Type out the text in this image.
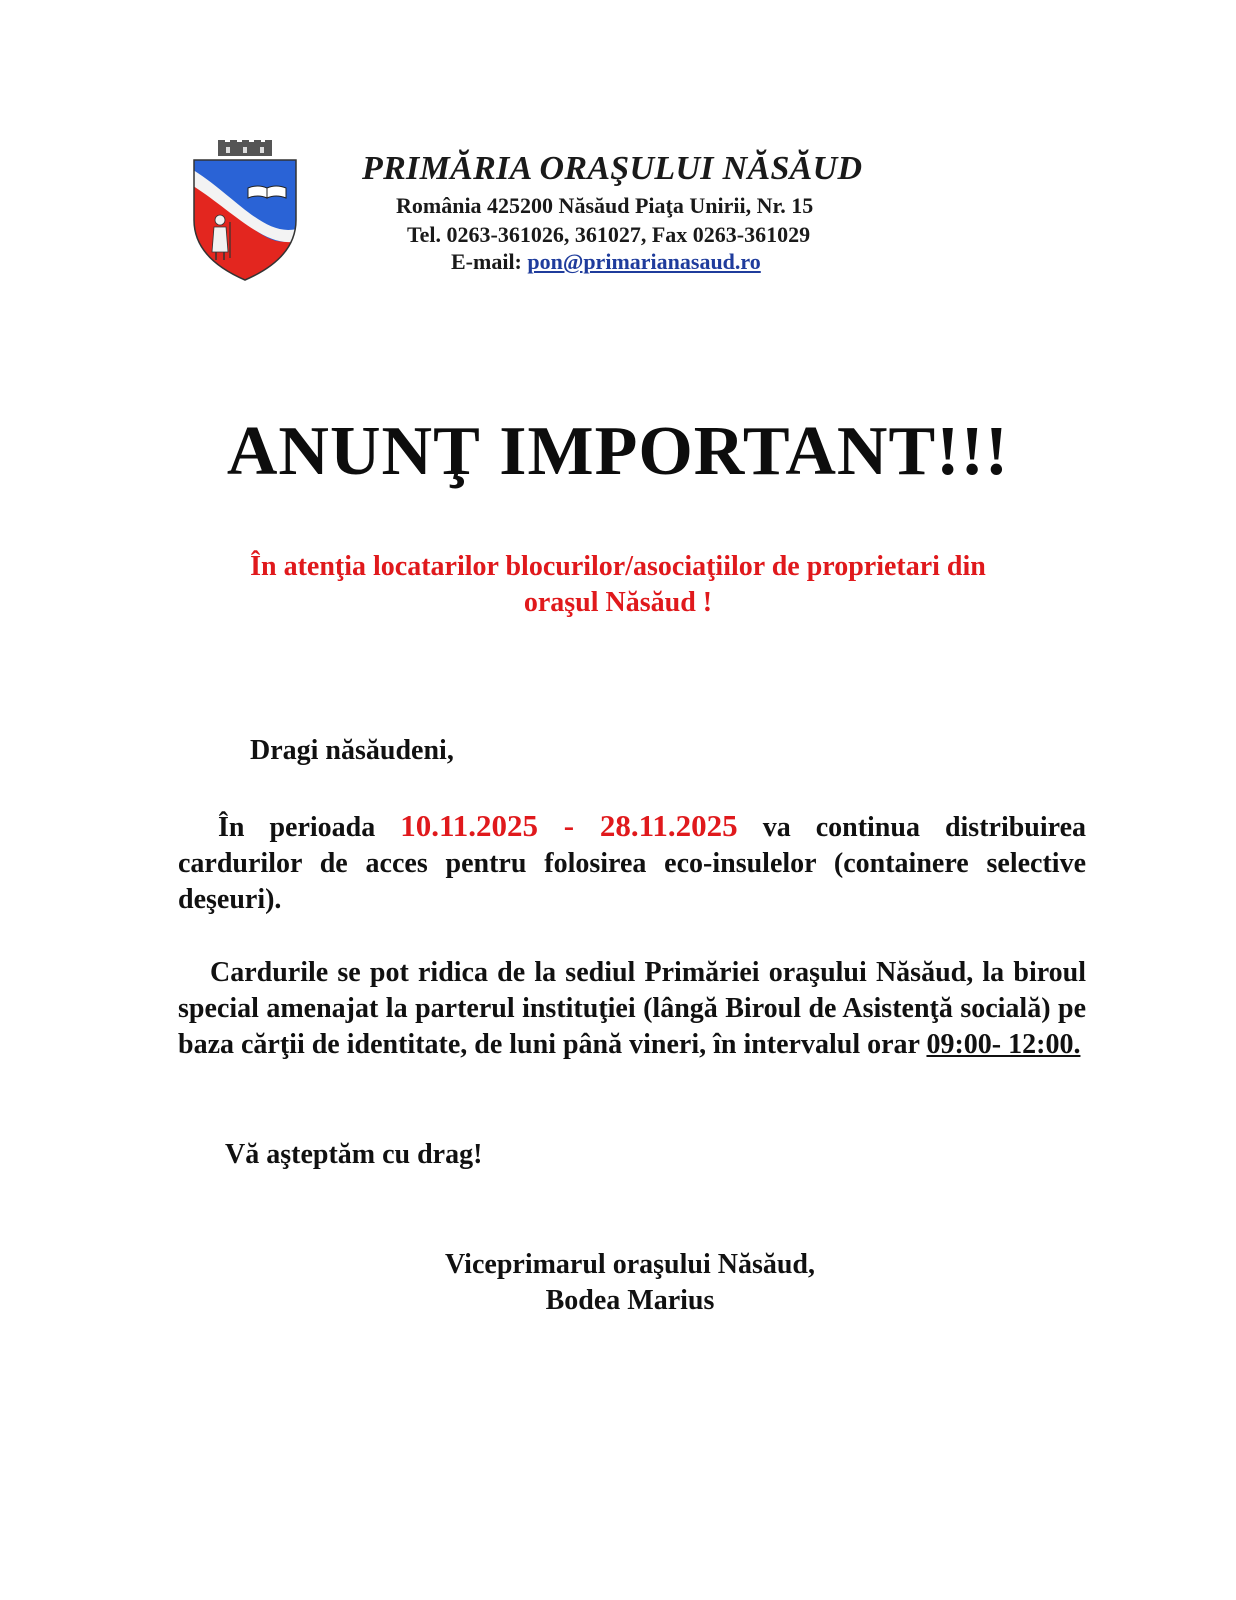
PRIMĂRIA ORAŞULUI NĂSĂUD
România 425200 Năsăud Piaţa Unirii, Nr. 15
Tel. 0263-361026, 361027, Fax 0263-361029
E-mail: pon@primarianasaud.ro
ANUNŢ IMPORTANT!!!
În atenţia locatarilor blocurilor/asociaţiilor de proprietari din
oraşul Năsăud !
Dragi năsăudeni,
În perioada 10.11.2025 - 28.11.2025 va continua distribuirea cardurilor de acces pentru folosirea eco-insulelor (containere selective deşeuri).
Cardurile se pot ridica de la sediul Primăriei oraşului Năsăud, la biroul special amenajat la parterul instituţiei (lângă Biroul de Asistenţă socială) pe baza cărţii de identitate, de luni până vineri, în intervalul orar 09:00- 12:00.
Vă aşteptăm cu drag!
Viceprimarul oraşului Năsăud,
Bodea Marius
